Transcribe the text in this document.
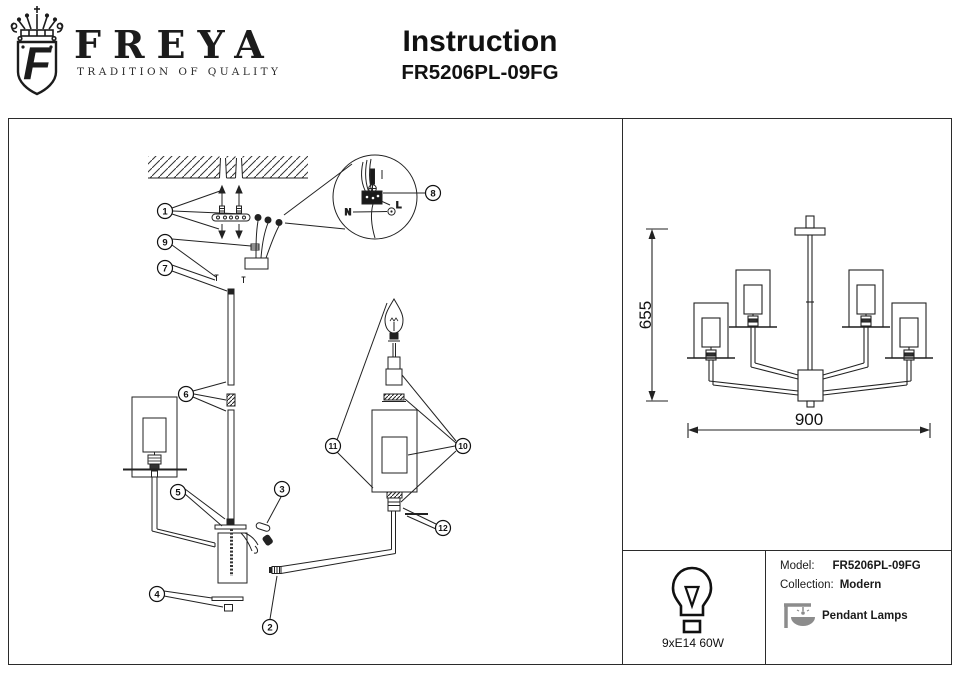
F FREYA
TRADITION OF QUALITY
Instruction
FR5206PL-09FG
L
N
1
9
7
8
6
5	3
4
2
11	10
12
655
900
9xE14 60W
Model: FR5206PL-09FG
Collection: Modern
Pendant Lamps
